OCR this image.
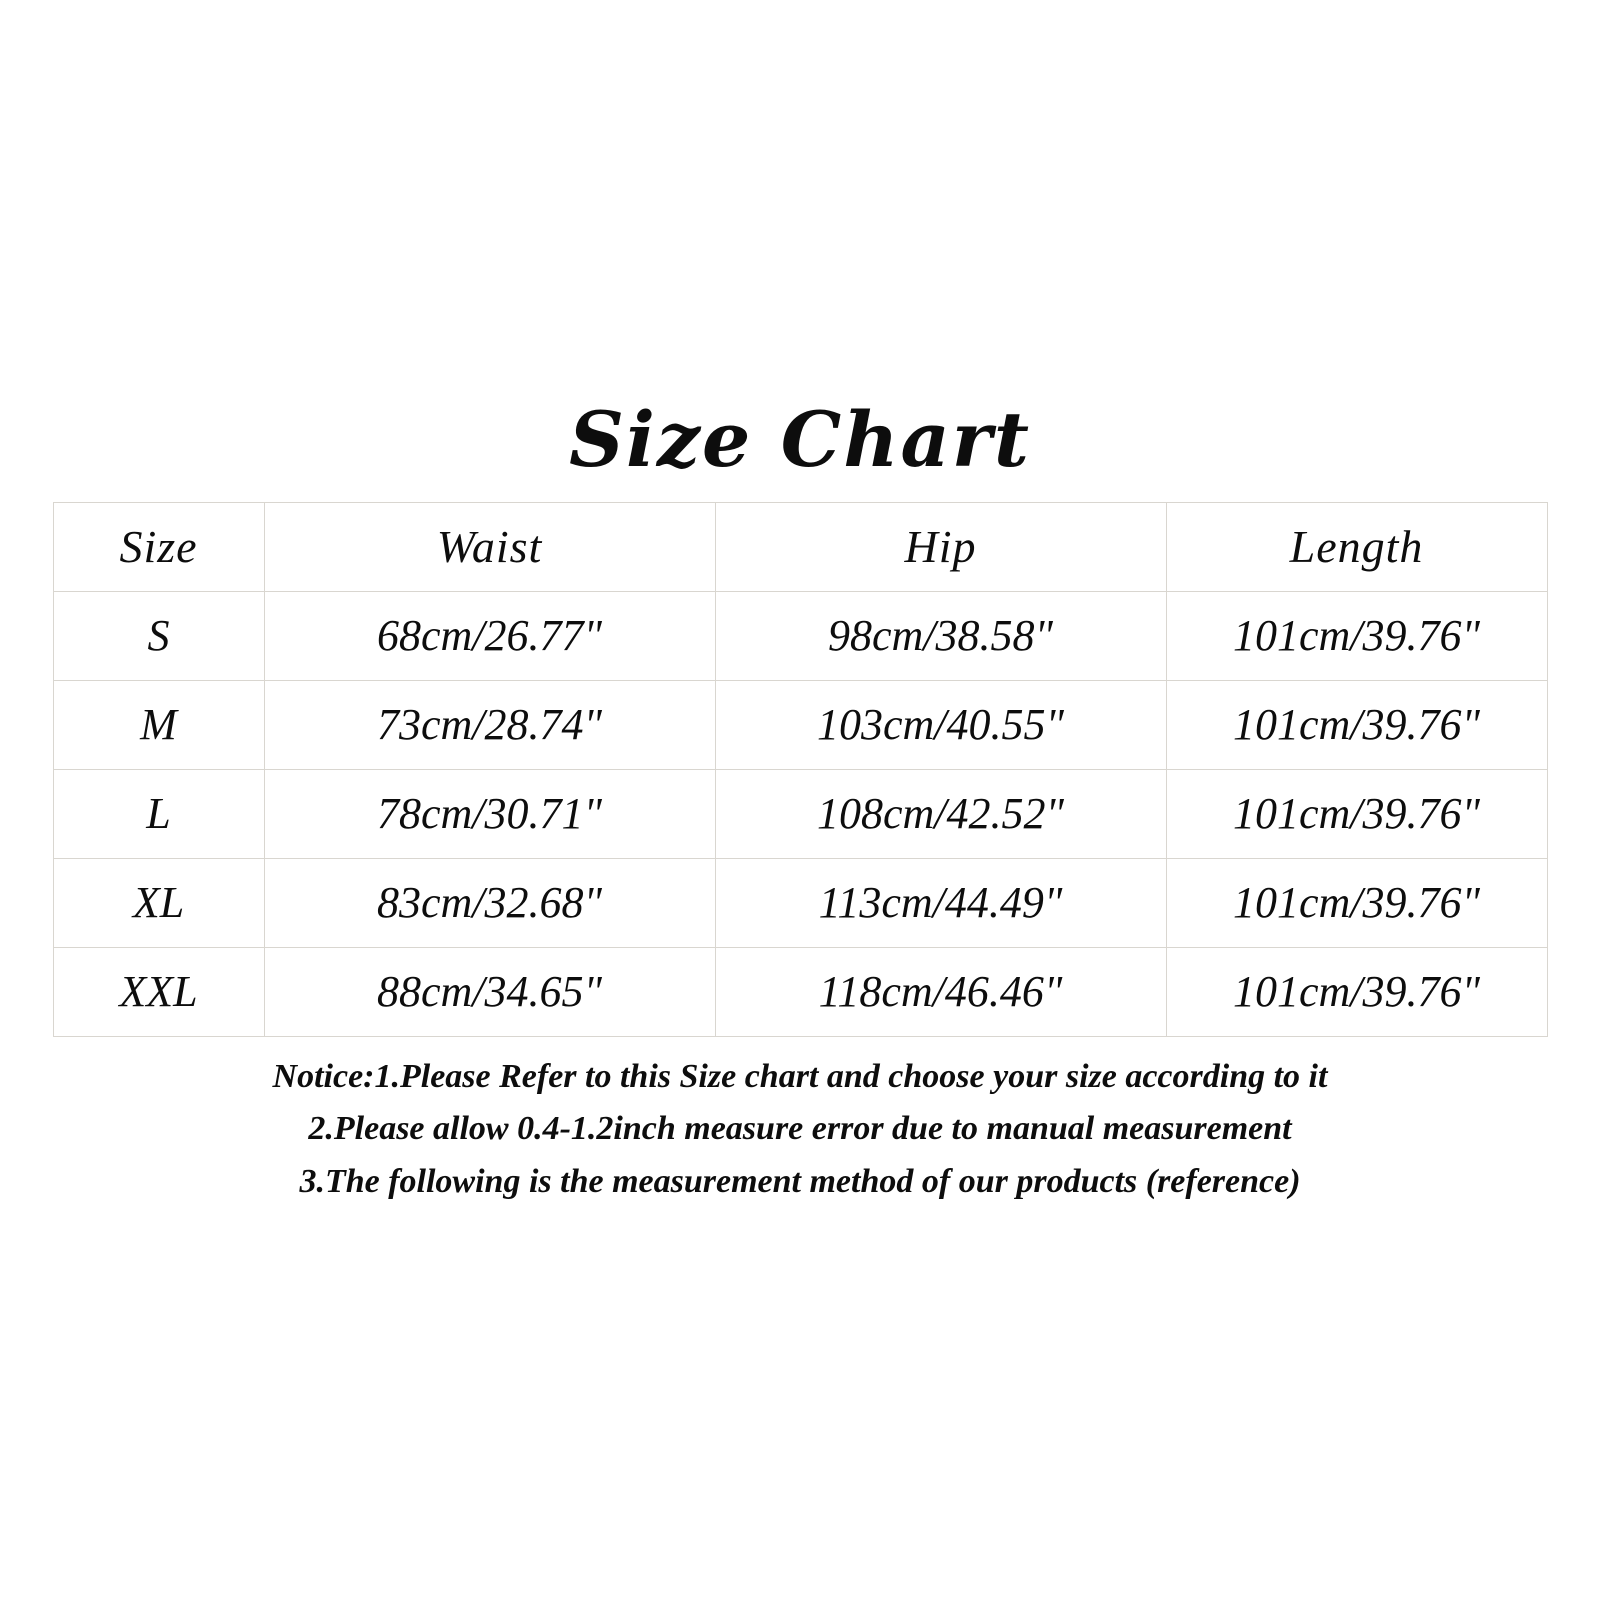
Size Chart
Size	Waist	Hip	Length
S	68cm/26.77"	98cm/38.58"	101cm/39.76"
M	73cm/28.74"	103cm/40.55"	101cm/39.76"
L	78cm/30.71"	108cm/42.52"	101cm/39.76"
XL	83cm/32.68"	113cm/44.49"	101cm/39.76"
XXL	88cm/34.65"	118cm/46.46"	101cm/39.76"
Notice:1.Please Refer to this Size chart and choose your size according to it
2.Please allow 0.4-1.2inch measure error due to manual measurement
3.The following is the measurement method of our products (reference)
